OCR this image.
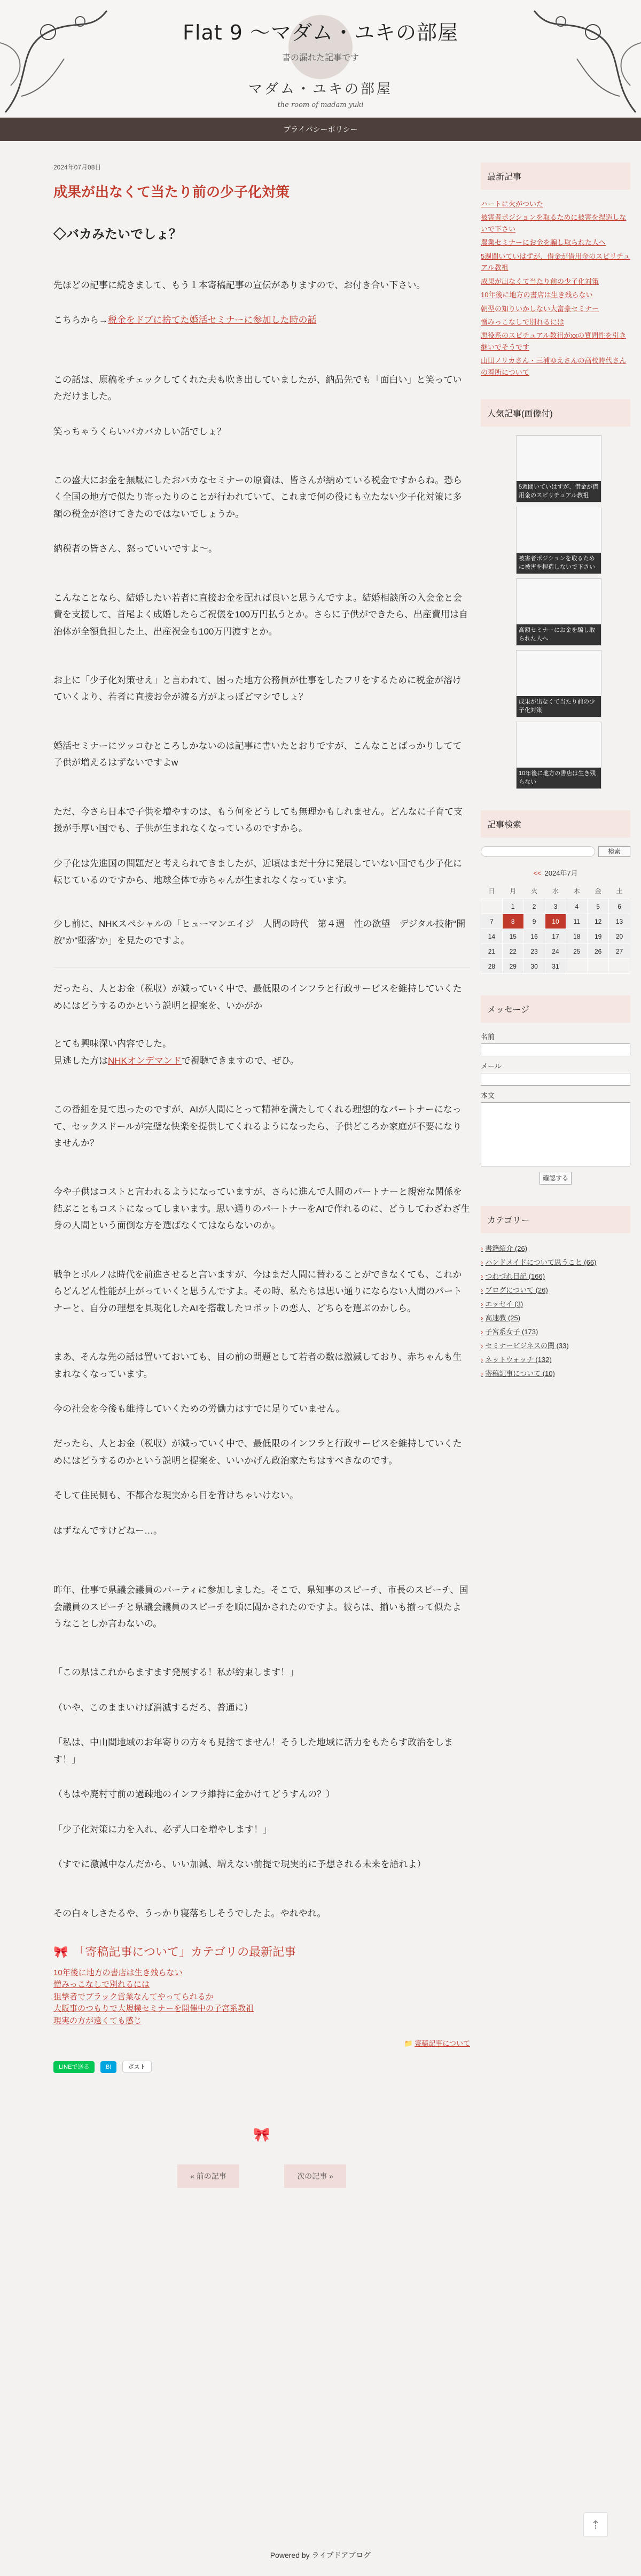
Flat 9 〜マダム・ユキの部屋
書の漏れた記事です
マダム・ユキの部屋
the room of madam yuki
プライバシーポリシー
2024年07月08日
成果が出なくて当たり前の少子化対策
◇バカみたいでしょ？

先ほどの記事に続きまして、もう１本寄稿記事の宣伝がありますので、お付き合い下さい。

こちらから→税金をドブに捨てた婚活セミナーに参加した時の話

この話は、原稿をチェックしてくれた夫も吹き出していましたが、納品先でも「面白い」と笑っていただけました。

笑っちゃうくらいバカバカしい話でしょ？

この盛大にお金を無駄にしたおバカなセミナーの原資は、皆さんが納めている税金ですからね。恐らく全国の地方で似たり寄ったりのことが行われていて、これまで何の役にも立たない少子化対策に多額の税金が溶けてきたのではないでしょうか。

納税者の皆さん、怒っていいですよ〜。

こんなことなら、結婚したい若者に直接お金を配れば良いと思うんですよ。結婚相談所の入会金と会費を支援して、首尾よく成婚したらご祝儀を100万円払うとか。さらに子供ができたら、出産費用は自治体が全額負担した上、出産祝金も100万円渡すとか。

お上に「少子化対策せえ」と言われて、困った地方公務員が仕事をしたフリをするために税金が溶けていくより、若者に直接お金が渡る方がよっぽどマシでしょ？

婚活セミナーにツッコむところしかないのは記事に書いたとおりですが、こんなことばっかりしてて子供が増えるはずないですよw

ただ、今さら日本で子供を増やすのは、もう何をどうしても無理かもしれません。どんなに子育て支援が手厚い国でも、子供が生まれなくなっているのですから。

少子化は先進国の問題だと考えられてきましたが、近頃はまだ十分に発展していない国でも少子化に転じているのですから、地球全体で赤ちゃんが生まれなくなっています。

少し前に、NHKスペシャルの「ヒューマンエイジ　人間の時代　第４週　性の欲望　デジタル技術“開放”か“堕落”か」を見たのですよ。

だったら、人とお金（税収）が減っていく中で、最低限のインフラと行政サービスを維持していくためにはどうするのかという説明と提案を、いかがか

とても興味深い内容でした。

見逃した方はNHKオンデマンドで視聴できますので、ぜひ。

この番組を見て思ったのですが、AIが人間にとって精神を満たしてくれる理想的なパートナーになって、セックスドールが完璧な快楽を提供してくれるようになったら、子供どころか家庭が不要になりませんか？

今や子供はコストと言われるようになっていますが、さらに進んで人間のパートナーと親密な関係を結ぶこともコストになってしまいます。思い通りのパートナーをAIで作れるのに、どうしてわざわざ生身の人間という面倒な方を選ばなくてはならないのか。

戦争とポルノは時代を前進させると言いますが、今はまだ人間に替わることができなくても、これからどんどん性能が上がっていくと思うんですよ。その時、私たちは思い通りにならない人間のパートナーと、自分の理想を具現化したAIを搭載したロボットの恋人、どちらを選ぶのかしら。

まあ、そんな先の話は置いておいても、目の前の問題として若者の数は激減しており、赤ちゃんも生まれなくなっています。

今の社会を今後も維持していくための労働力はすでに足りていません。

だったら、人とお金（税収）が減っていく中で、最低限のインフラと行政サービスを維持していくためにはどうするのかという説明と提案を、いいかげん政治家たちはすべきなのです。

そして住民側も、不都合な現実から目を背けちゃいけない。

はずなんですけどねー…。

昨年、仕事で県議会議員のパーティに参加しました。そこで、県知事のスピーチ、市長のスピーチ、国会議員のスピーチと県議会議員のスピーチを順に聞かされたのですよ。彼らは、揃いも揃って似たようなことしか言わないの。

「この県はこれからますます発展する！私が約束します！」

（いや、このままいけば消滅するだろ、普通に）

「私は、中山間地域のお年寄りの方々も見捨てません！そうした地域に活力をもたらす政治をします！」

（もはや廃村寸前の過疎地のインフラ維持に金かけてどうすんの？）

「少子化対策に力を入れ、必ず人口を増やします！」

（すでに激減中なんだから、いい加減、増えない前提で現実的に予想される未来を語れよ）

その白々しさたるや、うっかり寝落ちしそうでしたよ。やれやれ。

🎀 「寄稿記事について」カテゴリの最新記事
10年後に地方の書店は生き残らない
憎みっこなしで別れるには
狙撃者でブラック営業なんてやってられるか
大阪事のつもりで大規模セミナーを開催中の子宮系教祖
現実の方が遠くても感じ
📁 寄稿記事について
LINEで送る	B!	ポスト
🎀
« 前の記事	次の記事 »
最新記事
ハートに火がついた
被害者ポジションを取るために被害を捏造しないで下さい
農業セミナーにお金を騙し取られた人へ
5週間いていはずが、借金が借用金のスピリチュアル教祖
成果が出なくて当たり前の少子化対策
10年後に地方の書店は生き残らない
朝型の知りいかしない大富豪セミナー
憎みっこなしで別れるには
悪役系のスピチュアル教祖がxxの質問性を引き継いでそうです
山田ノリカさん・三浦ゆえさんの高校時代さんの着所について
人気記事(画像付)
5週間いていはずが、借金が借用金のスピリチュアル教祖
被害者ポジションを取るために被害を捏造しないで下さい
高額セミナーにお金を騙し取られた人へ
成果が出なくて当たり前の少子化対策
10年後に地方の書店は生き残らない
記事検索
検索
<< 2024年7月
日	月	火	水	木	金	土
	1	2	3	4	5	6
7	8	9	10	11	12	13
14	15	16	17	18	19	20
21	22	23	24	25	26	27
28	29	30	31			
メッセージ
名前
メール
本文
確認する
カテゴリー
› 書籍紹介 (26)
› ハンドメイドについて思うこと (66)
› つれづれ日記 (166)
› ブログについて (26)
› エッセイ (3)
› 高速教 (25)
› 子宮系女子 (173)
› セミナービジネスの闇 (33)
› ネットウォッチ (132)
› 寄稿記事について (10)
⇡
Powered by ライブドアブログ
